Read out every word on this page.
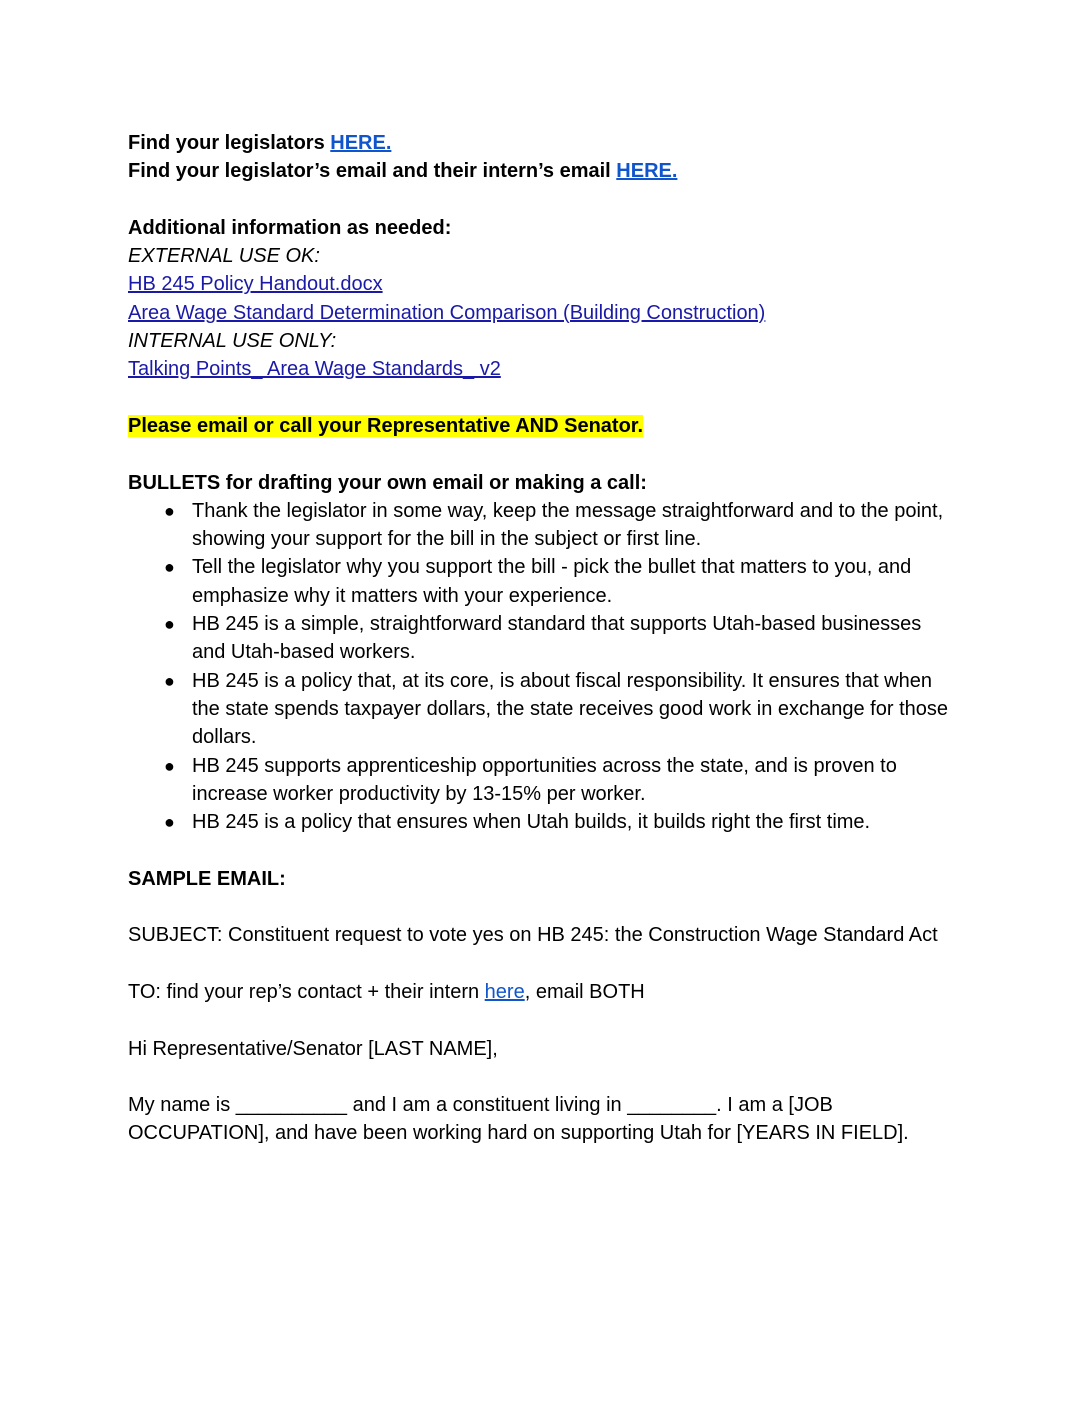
Find your legislators HERE.
Find your legislator’s email and their intern’s email HERE.
Additional information as needed:
EXTERNAL USE OK:
HB 245 Policy Handout.docx
Area Wage Standard Determination Comparison (Building Construction)
INTERNAL USE ONLY:
Talking Points_ Area Wage Standards_ v2
Please email or call your Representative AND Senator.
BULLETS for drafting your own email or making a call:
● Thank the legislator in some way, keep the message straightforward and to the point, showing your support for the bill in the subject or first line.
● Tell the legislator why you support the bill - pick the bullet that matters to you, and emphasize why it matters with your experience.
● HB 245 is a simple, straightforward standard that supports Utah-based businesses and Utah-based workers.
● HB 245 is a policy that, at its core, is about fiscal responsibility. It ensures that when the state spends taxpayer dollars, the state receives good work in exchange for those dollars.
● HB 245 supports apprenticeship opportunities across the state, and is proven to increase worker productivity by 13-15% per worker.
● HB 245 is a policy that ensures when Utah builds, it builds right the first time.
SAMPLE EMAIL:
SUBJECT: Constituent request to vote yes on HB 245: the Construction Wage Standard Act
TO: find your rep’s contact + their intern here, email BOTH
Hi Representative/Senator [LAST NAME],
My name is __________ and I am a constituent living in ________. I am a [JOB OCCUPATION], and have been working hard on supporting Utah for [YEARS IN FIELD].
